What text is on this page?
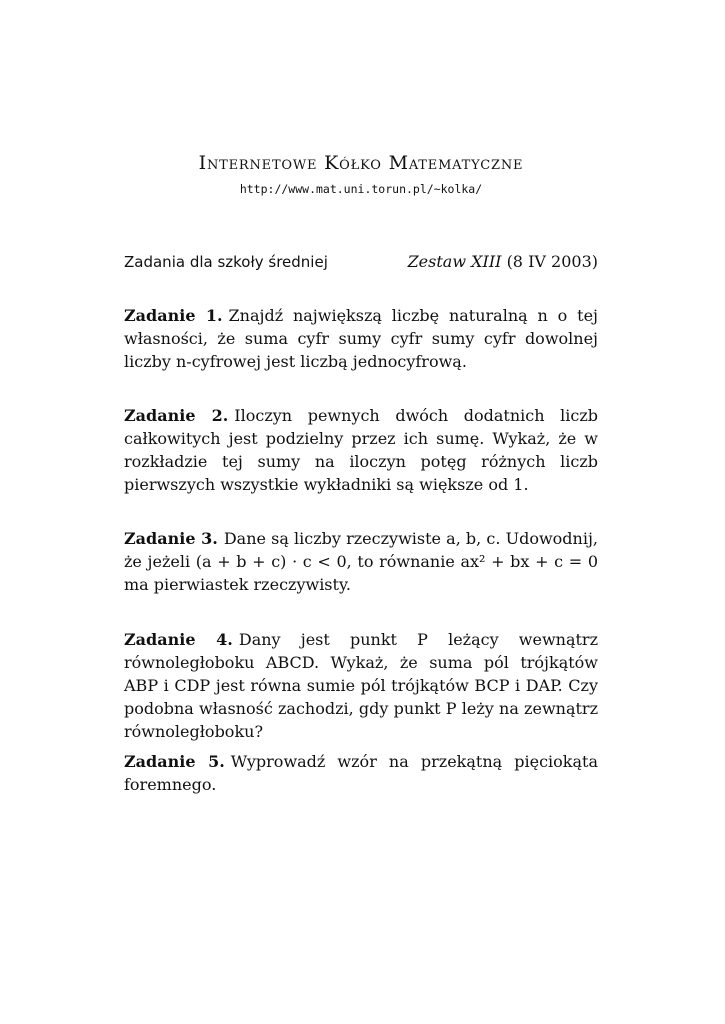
Internetowe Kółko Matematyczne
http://www.mat.uni.torun.pl/~kolka/
Zadania dla szkoły średniej	Zestaw XIII (8 IV 2003)
Zadanie 1. Znajdź największą liczbę naturalną n o tej własności, że suma cyfr sumy cyfr sumy cyfr dowolnej liczby n-cyfrowej jest liczbą jednocyfrową.
Zadanie 2. Iloczyn pewnych dwóch dodatnich liczb całkowitych jest podzielny przez ich sumę. Wykaż, że w rozkładzie tej sumy na iloczyn potęg różnych liczb pierwszych wszystkie wykładniki są większe od 1.
Zadanie 3. Dane są liczby rzeczywiste a, b, c. Udowodnij, że jeżeli (a + b + c) · c < 0, to równanie ax² + bx + c = 0 ma pierwiastek rzeczywisty.
Zadanie 4. Dany jest punkt P leżący wewnątrz równoległoboku ABCD. Wykaż, że suma pól trójkątów ABP i CDP jest równa sumie pól trójkątów BCP i DAP. Czy podobna własność zachodzi, gdy punkt P leży na zewnątrz równoległoboku?
Zadanie 5. Wyprowadź wzór na przekątną pięciokąta foremnego.
